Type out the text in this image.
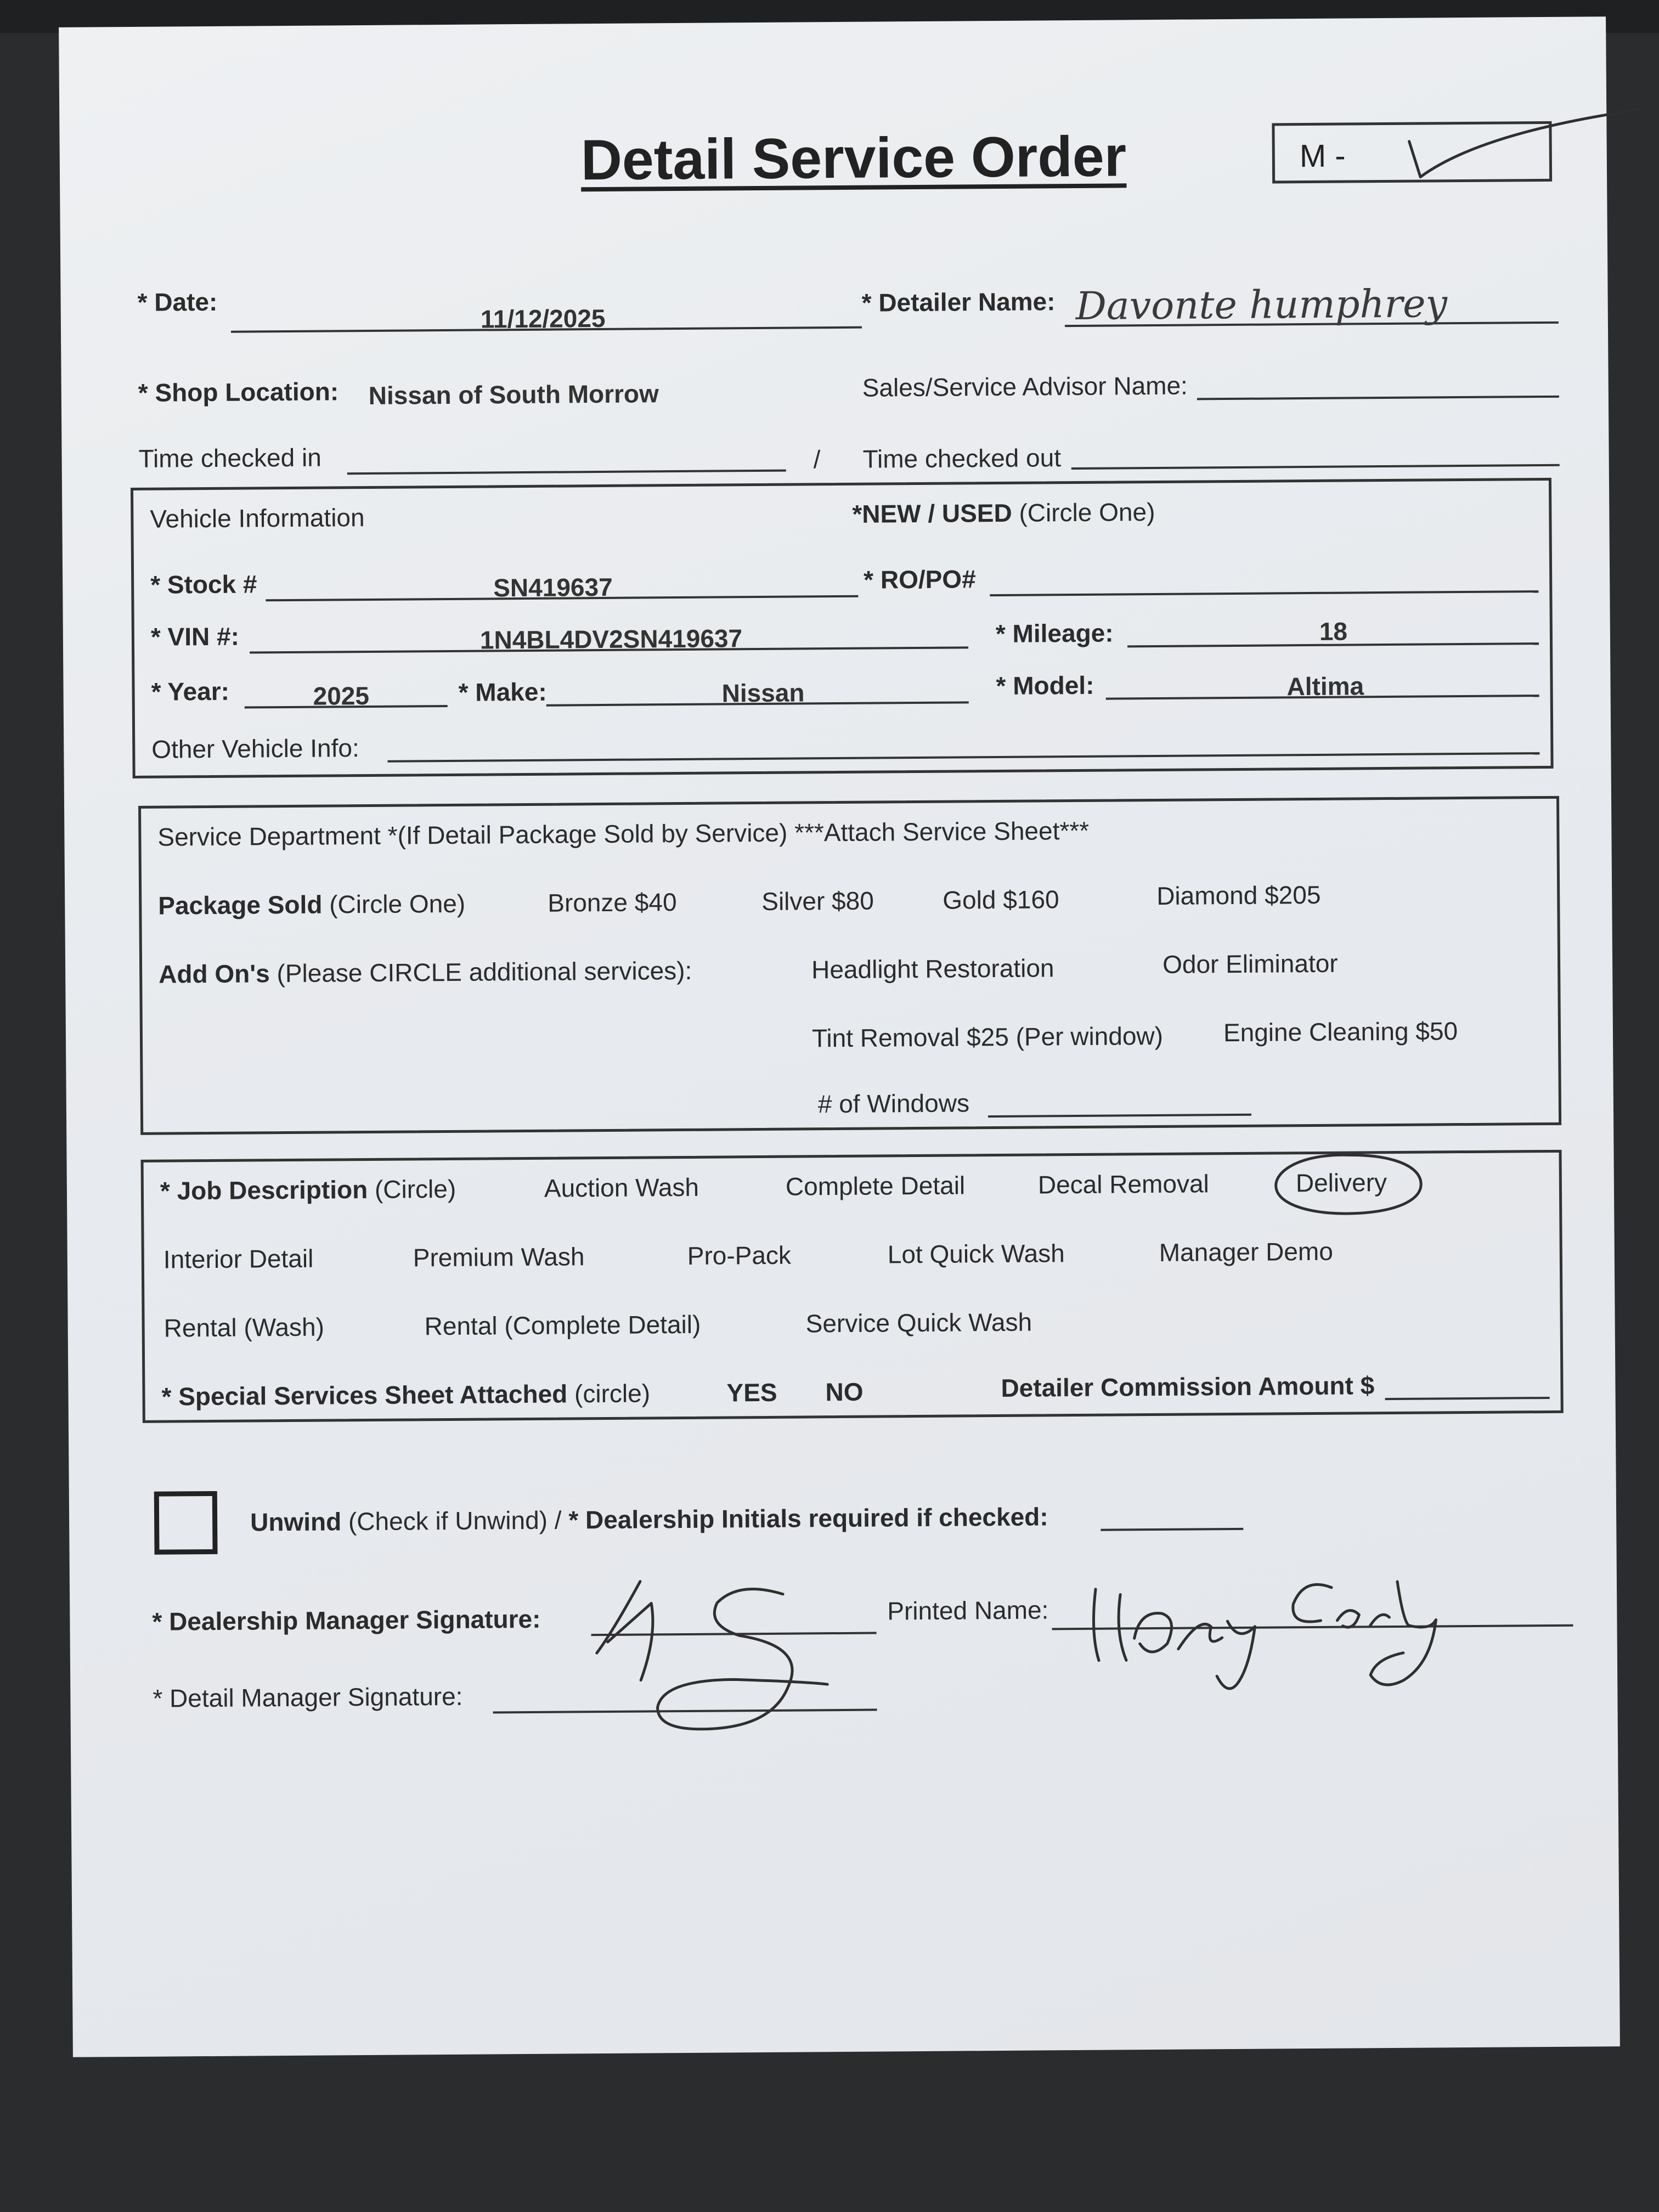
Detail Service Order	M -
* Date:
11/12/2025
* Detailer Name: Davonte humphrey
* Shop Location: Nissan of South Morrow	Sales/Service Advisor Name:
Time checked in	/ Time checked out
Vehicle Information	*NEW / USED (Circle One)
* Stock #	SN419637	* RO/PO#
* VIN #:	1N4BL4DV2SN419637	* Mileage:	18
* Year:	2025	* Make:	Nissan	* Model:	Altima
Other Vehicle Info:
Service Department *(If Detail Package Sold by Service) ***Attach Service Sheet***
Package Sold (Circle One)	Bronze $40	Silver $80	Gold $160	Diamond $205
Add On's (Please CIRCLE additional services):	Headlight Restoration	Odor Eliminator
Tint Removal $25 (Per window) Engine Cleaning $50
# of Windows
* Job Description (Circle)	Auction Wash	Complete Detail	Decal Removal	Delivery
Interior Detail	Premium Wash	Pro-Pack	Lot Quick Wash	Manager Demo
Rental (Wash)	Rental (Complete Detail)	Service Quick Wash
* Special Services Sheet Attached (circle)	YES NO	Detailer Commission Amount $
Unwind (Check if Unwind) / * Dealership Initials required if checked:
* Dealership Manager Signature:	Printed Name:
* Detail Manager Signature:
